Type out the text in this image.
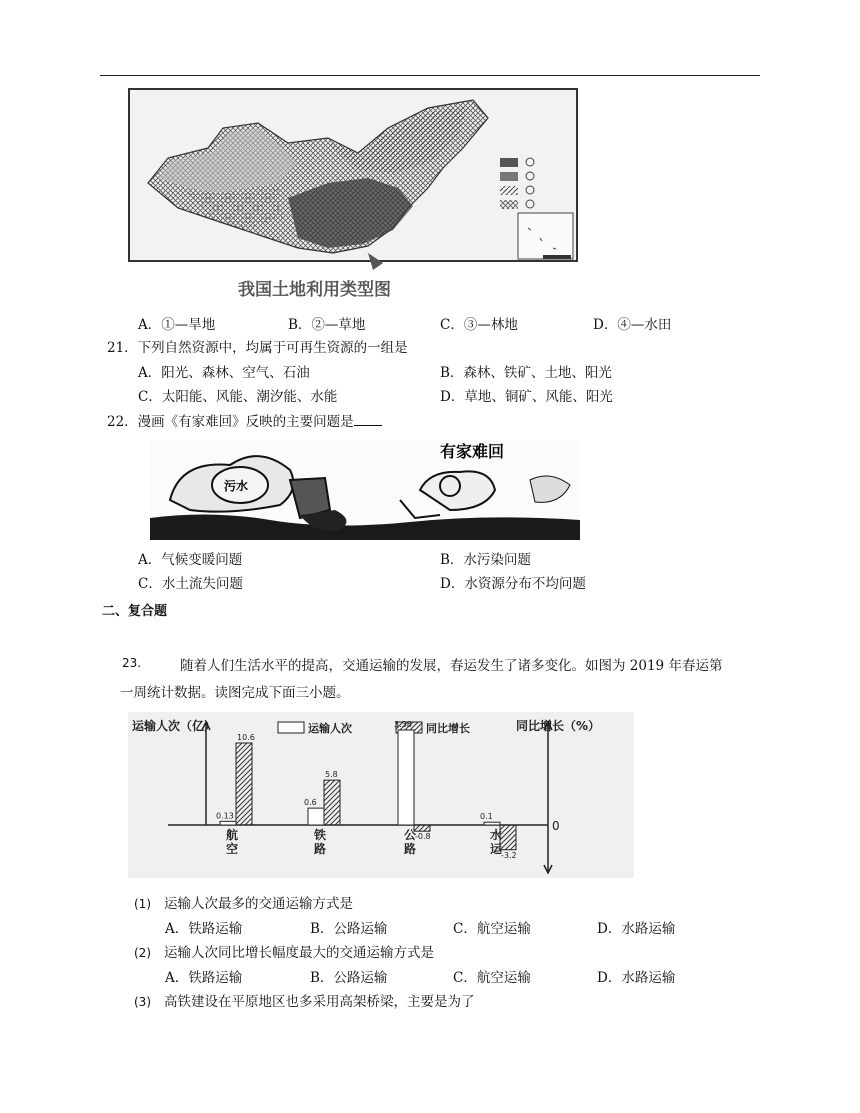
我国土地利用类型图
A．①—旱地	B．②—草地	C．③—林地	D．④—水田
21．下列自然资源中，均属于可再生资源的一组是
A．阳光、森林、空气、石油	B．森林、铁矿、土地、阳光
C．太阳能、风能、潮汐能、水能	D．草地、铜矿、风能、阳光
22．漫画《有家难回》反映的主要问题是
污水
有家难回
A．气候变暖问题	B．水污染问题
C．水土流失问题	D．水资源分布不均问题
二、复合题
23.	随着人们生活水平的提高，交通运输的发展，春运发生了诸多变化。如图为 2019 年春运第
一周统计数据。读图完成下面三小题。
运输人次（亿）	同比增长（%）
0
运输人次	同比增长
0.13
10.6
航空
0.6
5.8
铁路
3.38
-0.8
公路
0.1
-3.2
水运
(1) 运输人次最多的交通运输方式是
A．铁路运输	B．公路运输	C．航空运输	D．水路运输
(2) 运输人次同比增长幅度最大的交通运输方式是
A．铁路运输	B．公路运输	C．航空运输	D．水路运输
(3) 高铁建设在平原地区也多采用高架桥梁，主要是为了
